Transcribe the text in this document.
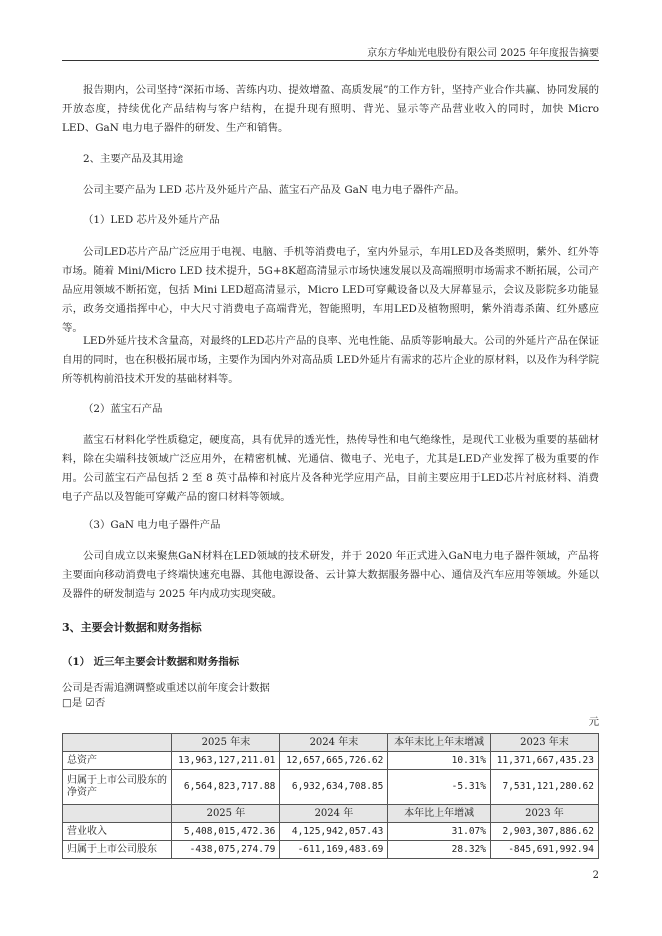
京东方华灿光电股份有限公司 2025 年年度报告摘要

报告期内，公司坚持“深拓市场、苦练内功、提效增盈、高质发展”的工作方针，坚持产业合作共赢、协同发展的开放态度，持续优化产品结构与客户结构，在提升现有照明、背光、显示等产品营业收入的同时，加快 Micro LED、GaN 电力电子器件的研发、生产和销售。

2、主要产品及其用途

公司主要产品为 LED 芯片及外延片产品、蓝宝石产品及 GaN 电力电子器件产品。

（1）LED 芯片及外延片产品

公司LED芯片产品广泛应用于电视、电脑、手机等消费电子，室内外显示，车用LED及各类照明，紫外、红外等市场。随着 Mini/Micro LED 技术提升，5G+8K超高清显示市场快速发展以及高端照明市场需求不断拓展，公司产品应用领域不断拓宽，包括 Mini LED超高清显示，Micro LED可穿戴设备以及大屏幕显示，会议及影院多功能显示，政务交通指挥中心，中大尺寸消费电子高端背光，智能照明，车用LED及植物照明，紫外消毒杀菌、红外感应等。

LED外延片技术含量高，对最终的LED芯片产品的良率、光电性能、品质等影响最大。公司的外延片产品在保证自用的同时，也在积极拓展市场，主要作为国内外对高品质 LED外延片有需求的芯片企业的原材料，以及作为科学院所等机构前沿技术开发的基础材料等。

（2）蓝宝石产品

蓝宝石材料化学性质稳定，硬度高，具有优异的透光性，热传导性和电气绝缘性，是现代工业极为重要的基础材料，除在尖端科技领域广泛应用外，在精密机械、光通信、微电子、光电子，尤其是LED产业发挥了极为重要的作用。公司蓝宝石产品包括 2 至 8 英寸晶棒和衬底片及各种光学应用产品，目前主要应用于LED芯片衬底材料、消费电子产品以及智能可穿戴产品的窗口材料等领域。

（3）GaN 电力电子器件产品

公司自成立以来聚焦GaN材料在LED领域的技术研发，并于 2020 年正式进入GaN电力电子器件领域，产品将主要面向移动消费电子终端快速充电器、其他电源设备、云计算大数据服务器中心、通信及汽车应用等领域。外延以及器件的研发制造与 2025 年内成功实现突破。

3、主要会计数据和财务指标

（1） 近三年主要会计数据和财务指标

公司是否需追溯调整或重述以前年度会计数据

□是 ☑否

元
	2025 年末	2024 年末	本年末比上年末增减	2023 年末
总资产	13,963,127,211.01	12,657,665,726.62	10.31%	11,371,667,435.23
归属于上市公司股东的净资产	6,564,823,717.88	6,932,634,708.85	-5.31%	7,531,121,280.62
	2025 年	2024 年	本年比上年增减	2023 年
营业收入	5,408,015,472.36	4,125,942,057.43	31.07%	2,903,307,886.62
归属于上市公司股东	-438,075,274.79	-611,169,483.69	28.32%	-845,691,992.94
2
